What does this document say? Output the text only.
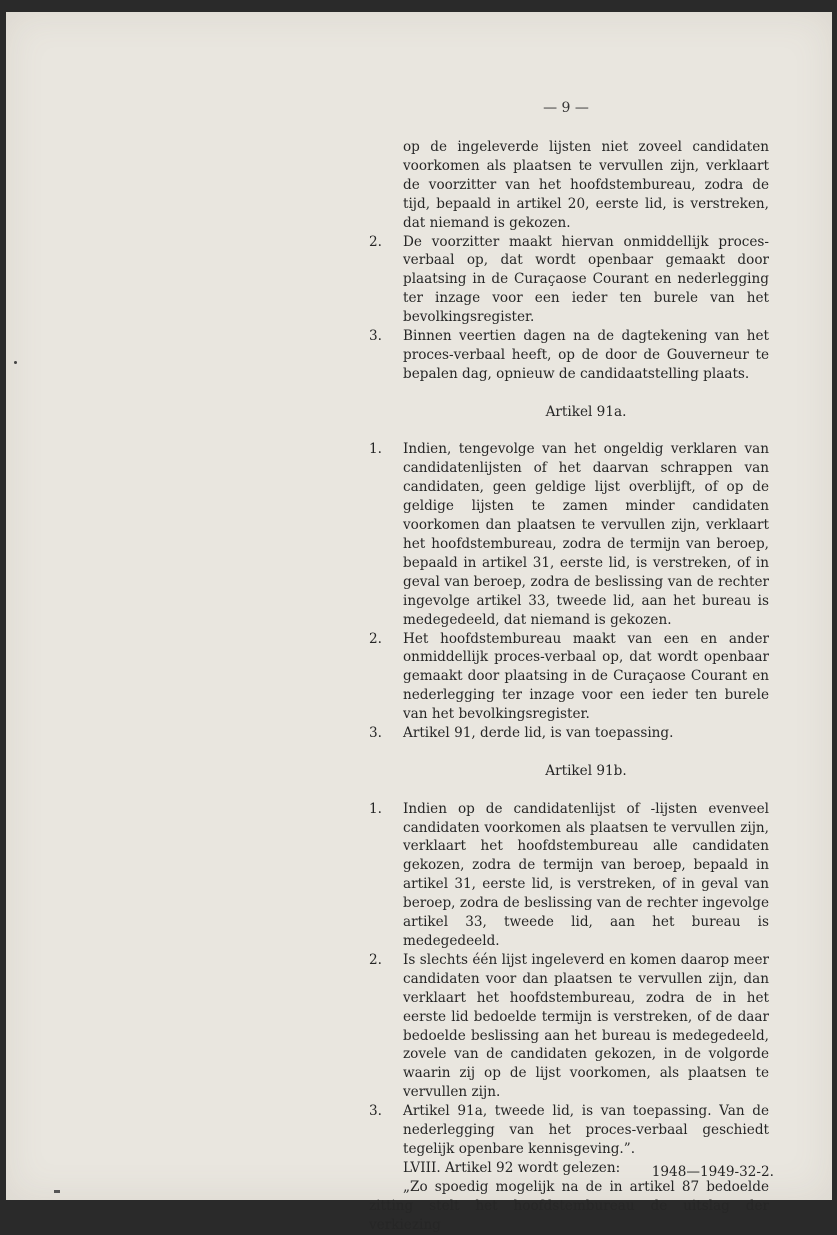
— 9 —

op de ingeleverde lijsten niet zoveel candidaten voorkomen als plaatsen te vervullen zijn, verklaart de voorzitter van het hoofdstembureau, zodra de tijd, bepaald in artikel 20, eerste lid, is verstreken, dat niemand is gekozen.

2. De voorzitter maakt hiervan onmiddellijk proces-verbaal op, dat wordt openbaar gemaakt door plaatsing in de Curaçaose Courant en nederlegging ter inzage voor een ieder ten burele van het bevolkingsregister.
3. Binnen veertien dagen na de dagtekening van het proces-verbaal heeft, op de door de Gouverneur te bepalen dag, opnieuw de candidaatstelling plaats.

Artikel 91a.

1. Indien, tengevolge van het ongeldig verklaren van candidatenlijsten of het daarvan schrappen van candidaten, geen geldige lijst overblijft, of op de geldige lijsten te zamen minder candidaten voorkomen dan plaatsen te vervullen zijn, verklaart het hoofdstembureau, zodra de termijn van beroep, bepaald in artikel 31, eerste lid, is verstreken, of in geval van beroep, zodra de beslissing van de rechter ingevolge artikel 33, tweede lid, aan het bureau is medegedeeld, dat niemand is gekozen.
2. Het hoofdstembureau maakt van een en ander onmiddellijk proces-verbaal op, dat wordt openbaar gemaakt door plaatsing in de Curaçaose Courant en nederlegging ter inzage voor een ieder ten burele van het bevolkingsregister.
3. Artikel 91, derde lid, is van toepassing.

Artikel 91b.

1. Indien op de candidatenlijst of -lijsten evenveel candidaten voorkomen als plaatsen te vervullen zijn, verklaart het hoofdstembureau alle candidaten gekozen, zodra de termijn van beroep, bepaald in artikel 31, eerste lid, is verstreken, of in geval van beroep, zodra de beslissing van de rechter ingevolge artikel 33, tweede lid, aan het bureau is medegedeeld.
2. Is slechts één lijst ingeleverd en komen daarop meer candidaten voor dan plaatsen te vervullen zijn, dan verklaart het hoofdstembureau, zodra de in het eerste lid bedoelde termijn is verstreken, of de daar bedoelde beslissing aan het bureau is medegedeeld, zovele van de candidaten gekozen, in de volgorde waarin zij op de lijst voorkomen, als plaatsen te vervullen zijn.
3. Artikel 91a, tweede lid, is van toepassing. Van de nederlegging van het proces-verbaal geschiedt tegelijk openbare kennisgeving.”.

LVIII. Artikel 92 wordt gelezen:

„Zo spoedig mogelijk na de in artikel 87 bedoelde zitting stelt het hoofdstembureau de uitslag der verkiezing

1948—1949-32-2.
